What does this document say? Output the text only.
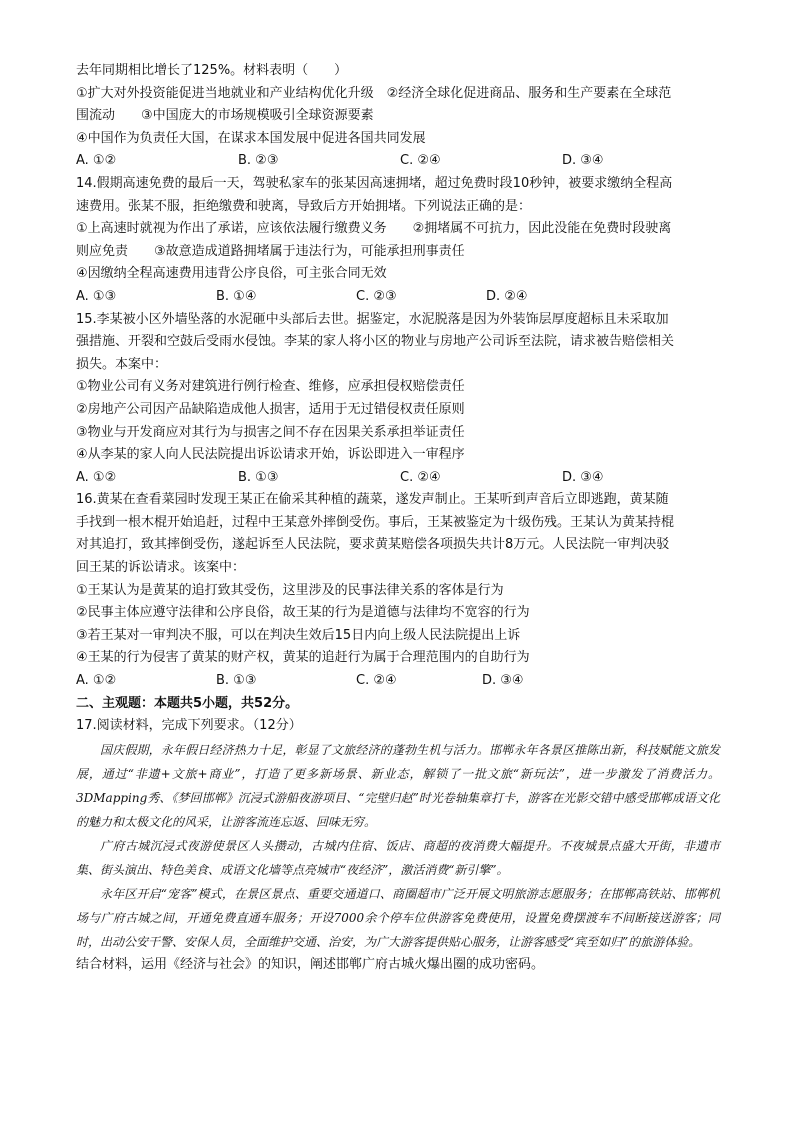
去年同期相比增长了125%。材料表明（　　）
①扩大对外投资能促进当地就业和产业结构优化升级　②经济全球化促进商品、服务和生产要素在全球范
围流动　　③中国庞大的市场规模吸引全球资源要素
④中国作为负责任大国，在谋求本国发展中促进各国共同发展
A. ①②	B. ②③	C. ②④	D. ③④
14.假期高速免费的最后一天，驾驶私家车的张某因高速拥堵，超过免费时段10秒钟，被要求缴纳全程高
速费用。张某不服，拒绝缴费和驶离，导致后方开始拥堵。下列说法正确的是：
①上高速时就视为作出了承诺，应该依法履行缴费义务　　②拥堵属不可抗力，因此没能在免费时段驶离
则应免责　　③故意造成道路拥堵属于违法行为，可能承担刑事责任
④因缴纳全程高速费用违背公序良俗，可主张合同无效
A. ①③	B. ①④	C. ②③	D. ②④
15.李某被小区外墙坠落的水泥砸中头部后去世。据鉴定，水泥脱落是因为外装饰层厚度超标且未采取加
强措施、开裂和空鼓后受雨水侵蚀。李某的家人将小区的物业与房地产公司诉至法院，请求被告赔偿相关
损失。本案中：
①物业公司有义务对建筑进行例行检查、维修，应承担侵权赔偿责任
②房地产公司因产品缺陷造成他人损害，适用于无过错侵权责任原则
③物业与开发商应对其行为与损害之间不存在因果关系承担举证责任
④从李某的家人向人民法院提出诉讼请求开始，诉讼即进入一审程序
A. ①②	B. ①③	C. ②④	D. ③④
16.黄某在查看菜园时发现王某正在偷采其种植的蔬菜，遂发声制止。王某听到声音后立即逃跑，黄某随
手找到一根木棍开始追赶，过程中王某意外摔倒受伤。事后，王某被鉴定为十级伤残。王某认为黄某持棍
对其追打，致其摔倒受伤，遂起诉至人民法院，要求黄某赔偿各项损失共计8万元。人民法院一审判决驳
回王某的诉讼请求。该案中：
①王某认为是黄某的追打致其受伤，这里涉及的民事法律关系的客体是行为
②民事主体应遵守法律和公序良俗，故王某的行为是道德与法律均不宽容的行为
③若王某对一审判决不服，可以在判决生效后15日内向上级人民法院提出上诉
④王某的行为侵害了黄某的财产权，黄某的追赶行为属于合理范围内的自助行为
A. ①②	B. ①③	C. ②④	D. ③④
二、主观题：本题共5小题，共52分。
17.阅读材料，完成下列要求。（12分）
国庆假期，永年假日经济热力十足，彰显了文旅经济的蓬勃生机与活力。邯郸永年各景区推陈出新，科技赋能文旅发展，通过“非遗+文旅+商业”，打造了更多新场景、新业态，解锁了一批文旅“新玩法”，进一步激发了消费活力。3DMapping秀、《梦回邯郸》沉浸式游船夜游项目、“完壁归赵”时光卷轴集章打卡，游客在光影交错中感受邯郸成语文化的魅力和太极文化的风采，让游客流连忘返、回味无穷。
广府古城沉浸式夜游使景区人头攒动，古城内住宿、饭店、商超的夜消费大幅提升。不夜城景点盛大开街，非遗市集、街头演出、特色美食、成语文化墙等点亮城市“夜经济”，激活消费“新引擎”。
永年区开启“宠客”模式，在景区景点、重要交通道口、商圈超市广泛开展文明旅游志愿服务；在邯郸高铁站、邯郸机场与广府古城之间，开通免费直通车服务；开设7000余个停车位供游客免费使用，设置免费摆渡车不间断接送游客；同时，出动公安干警、安保人员，全面维护交通、治安，为广大游客提供贴心服务，让游客感受“宾至如归”的旅游体验。
结合材料，运用《经济与社会》的知识，阐述邯郸广府古城火爆出圈的成功密码。
